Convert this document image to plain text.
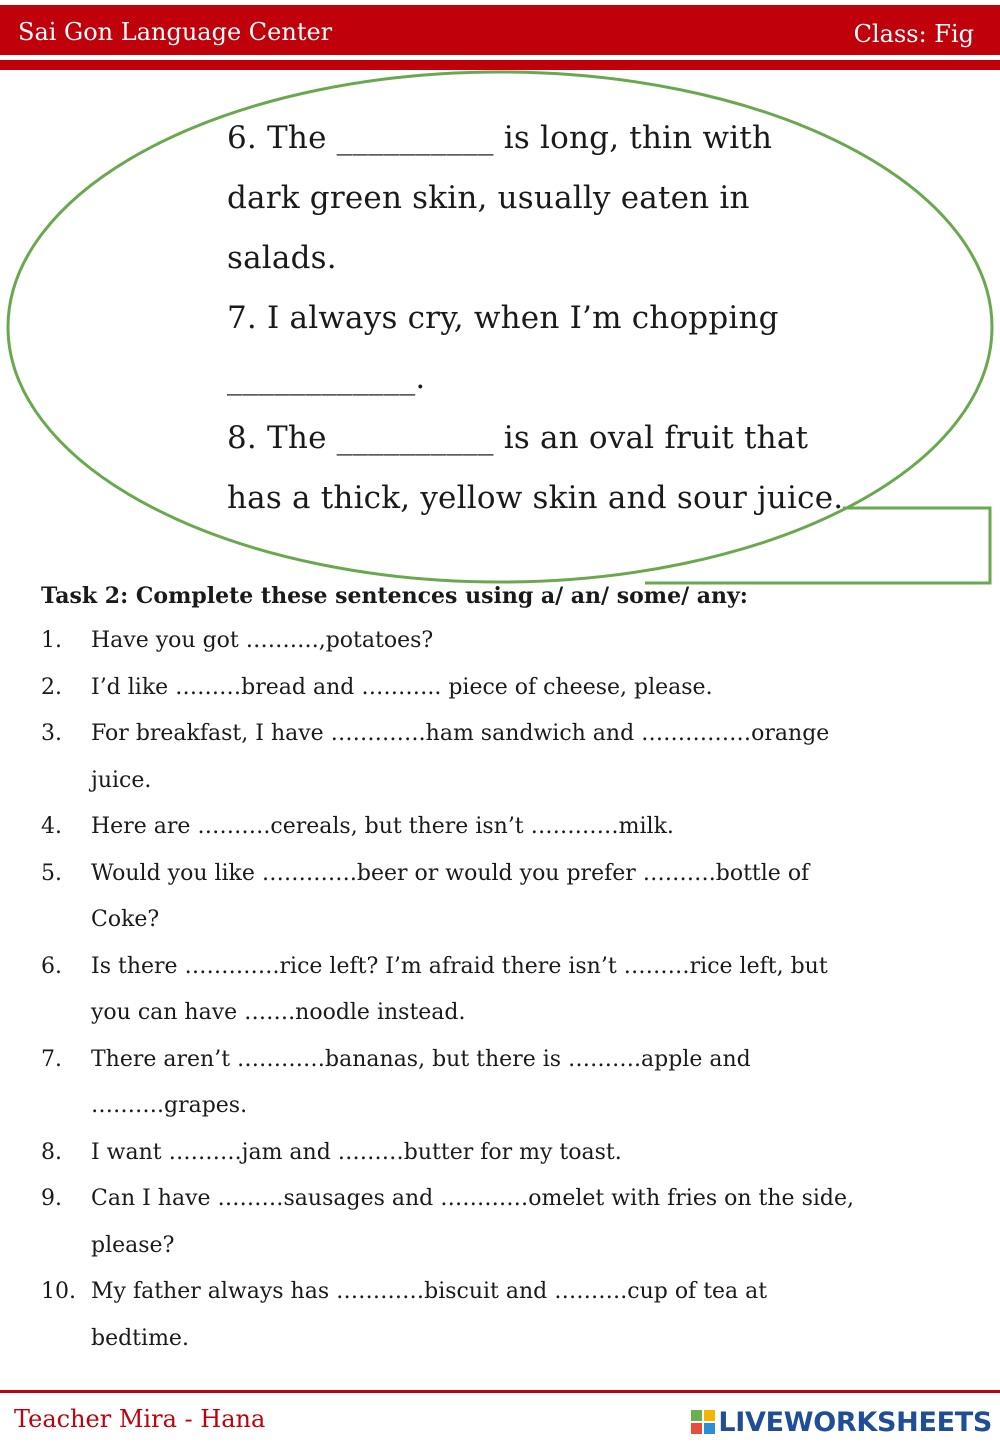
Sai Gon Language Center	Class: Fig

6. The __________ is long, thin with

dark green skin, usually eaten in

salads.

7. I always cry, when I’m chopping

____________.

8. The __________ is an oval fruit that

has a thick, yellow skin and sour juice.

Task 2: Complete these sentences using a/ an/ some/ any:
1.	Have you got ……….,potatoes?
2.	I’d like ………bread and ……….. piece of cheese, please.
3.	For breakfast, I have ………….ham sandwich and ……………orange
juice.
4.	Here are ……….cereals, but there isn’t …………milk.
5.	Would you like ………….beer or would you prefer ……….bottle of
Coke?
6.	Is there ………….rice left? I’m afraid there isn’t ………rice left, but
you can have …….noodle instead.
7.	There aren’t …………bananas, but there is ……….apple and
……….grapes.
8.	I want ……….jam and ………butter for my toast.
9.	Can I have ………sausages and …………omelet with fries on the side,
please?
10. My father always has …………biscuit and ……….cup of tea at
bedtime.
Teacher Mira - Hana	LIVEWORKSHEETS
